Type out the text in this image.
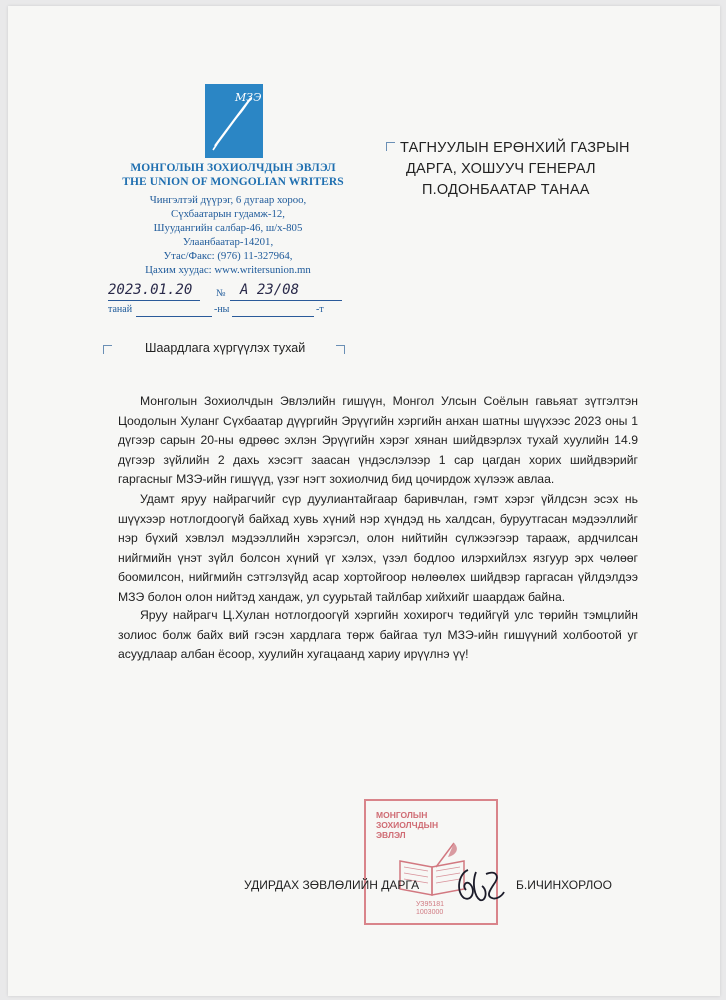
МЗЭ
МОНГОЛЫН ЗОХИОЛЧДЫН ЭВЛЭЛ
THE UNION OF MONGOLIAN WRITERS
Чингэлтэй дүүрэг, 6 дугаар хороо,
Сүхбаатарын гудамж-12,
Шуудангийн салбар-46, ш/х-805
Улаанбаатар-14201,
Утас/Факс: (976) 11-327964,
Цахим хуудас: www.writersunion.mn
2023.01.20	А 23/08
№
танай	-ны	-т
ТАГНУУЛЫН ЕРӨНХИЙ ГАЗРЫН
ДАРГА, ХОШУУЧ ГЕНЕРАЛ
П.ОДОНБААТАР ТАНАА
Шаардлага хүргүүлэх тухай
Монголын Зохиолчдын Эвлэлийн гишүүн, Монгол Улсын Соёлын гавьяат зүтгэлтэн Цоодолын Хуланг Сүхбаатар дүүргийн Эрүүгийн хэргийн анхан шатны шүүхээс 2023 оны 1 дүгээр сарын 20-ны өдрөөс эхлэн Эрүүгийн хэрэг хянан шийдвэрлэх тухай хуулийн 14.9 дүгээр зүйлийн 2 дахь хэсэгт заасан үндэслэлээр 1 сар цагдан хорих шийдвэрийг гаргасныг МЗЭ-ийн гишүүд, үзэг нэгт зохиолчид бид цочирдож хүлээж авлаа.
Удамт яруу найрагчийг сүр дуулиантайгаар баривчлан, гэмт хэрэг үйлдсэн эсэх нь шүүхээр нотлогдоогүй байхад хувь хүний нэр хүндэд нь халдсан, буруутгасан мэдээллийг нэр бүхий хэвлэл мэдээллийн хэрэгсэл, олон нийтийн сүлжээгээр тарааж, ардчилсан нийгмийн үнэт зүйл болсон хүний үг хэлэх, үзэл бодлоо илэрхийлэх язгуур эрх чөлөөг боомилсон, нийгмийн сэтгэлзүйд асар хортойгоор нөлөөлөх шийдвэр гаргасан үйлдэлдээ МЗЭ болон олон нийтэд хандаж, ул суурьтай тайлбар хийхийг шаардаж байна.
Яруу найрагч Ц.Хулан нотлогдоогүй хэргийн хохирогч төдийгүй улс төрийн тэмцлийн золиос болж байх вий гэсэн хардлага төрж байгаа тул МЗЭ-ийн гишүүний холбоотой уг асуудлаар албан ёсоор, хуулийн хугацаанд хариу ирүүлнэ үү!
МОНГОЛЫН
ЗОХИОЛЧДЫН
ЭВЛЭЛ
УЗ95181
1003000
УДИРДАХ ЗӨВЛӨЛИЙН ДАРГА	Б.ИЧИНХОРЛОО
